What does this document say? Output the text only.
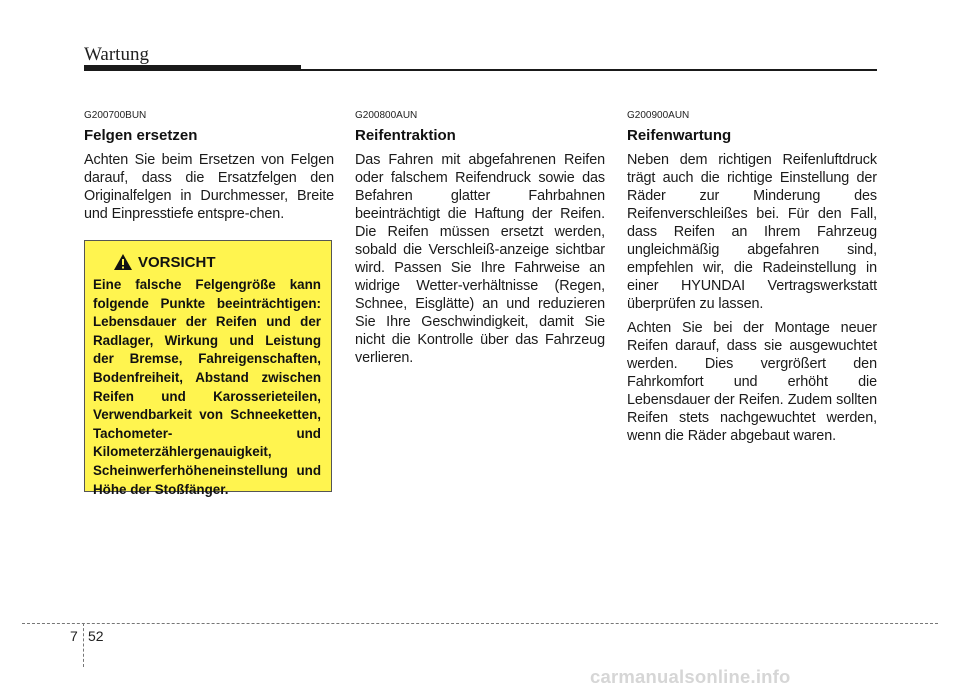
Wartung

G200700BUN

Felgen ersetzen

Achten Sie beim Ersetzen von Felgen darauf, dass die Ersatzfelgen den Originalfelgen in Durchmesser, Breite und Einpresstiefe entspre-chen.

VORSICHT

Eine falsche Felgengröße kann folgende Punkte beeinträchtigen: Lebensdauer der Reifen und der Radlager, Wirkung und Leistung der Bremse, Fahreigenschaften, Bodenfreiheit, Abstand zwischen Reifen und Karosserieteilen, Verwendbarkeit von Schneeketten, Tachometer- und Kilometerzählergenauigkeit, Scheinwerferhöheneinstellung und Höhe der Stoßfänger.

G200800AUN

Reifentraktion

Das Fahren mit abgefahrenen Reifen oder falschem Reifendruck sowie das Befahren glatter Fahrbahnen beeinträchtigt die Haftung der Reifen. Die Reifen müssen ersetzt werden, sobald die Verschleiß-anzeige sichtbar wird. Passen Sie Ihre Fahrweise an widrige Wetter-verhältnisse (Regen, Schnee, Eisglätte) an und reduzieren Sie Ihre Geschwindigkeit, damit Sie nicht die Kontrolle über das Fahrzeug verlieren.

G200900AUN

Reifenwartung

Neben dem richtigen Reifenluftdruck trägt auch die richtige Einstellung der Räder zur Minderung des Reifenverschleißes bei. Für den Fall, dass Reifen an Ihrem Fahrzeug ungleichmäßig abgefahren sind, empfehlen wir, die Radeinstellung in einer HYUNDAI Vertragswerkstatt überprüfen zu lassen.

Achten Sie bei der Montage neuer Reifen darauf, dass sie ausgewuchtet werden. Dies vergrößert den Fahrkomfort und erhöht die Lebensdauer der Reifen. Zudem sollten Reifen stets nachgewuchtet werden, wenn die Räder abgebaut waren.

7 52
carmanualsonline.info
